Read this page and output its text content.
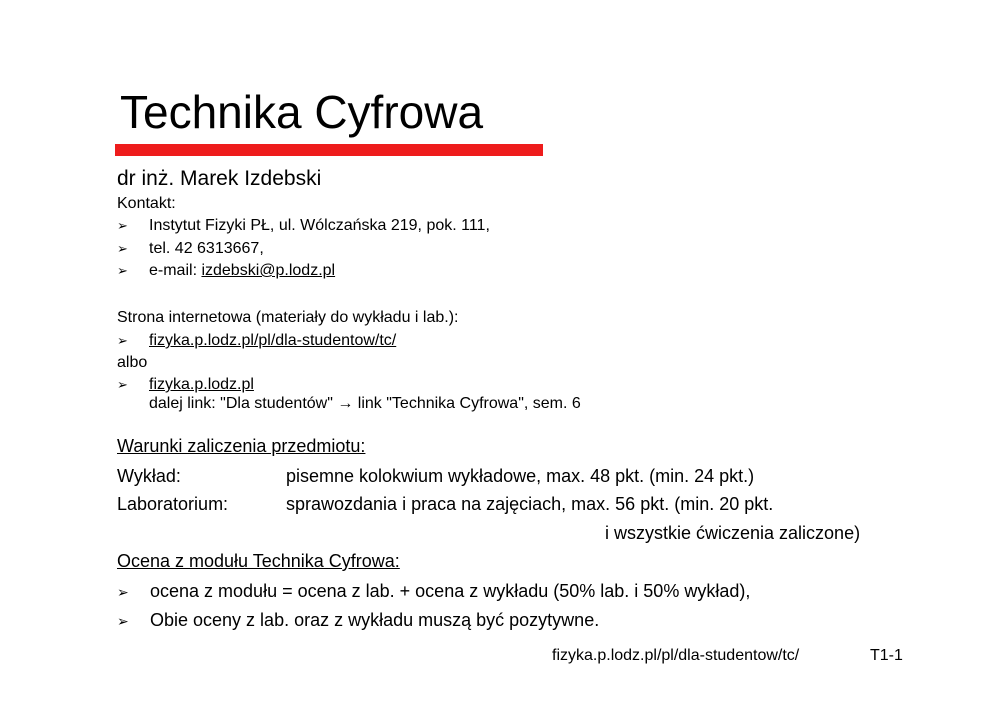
Technika Cyfrowa
dr inż. Marek Izdebski
Kontakt:
➢ Instytut Fizyki PŁ, ul. Wólczańska 219, pok. 111,
➢ tel. 42 6313667,
➢ e-mail: izdebski@p.lodz.pl
Strona internetowa (materiały do wykładu i lab.):
➢ fizyka.p.lodz.pl/pl/dla-studentow/tc/
albo
➢ fizyka.p.lodz.pl
dalej link: "Dla studentów" → link "Technika Cyfrowa", sem. 6
Warunki zaliczenia przedmiotu:
Wykład:	pisemne kolokwium wykładowe, max. 48 pkt. (min. 24 pkt.)
Laboratorium:	sprawozdania i praca na zajęciach, max. 56 pkt. (min. 20 pkt.
i wszystkie ćwiczenia zaliczone)
Ocena z modułu Technika Cyfrowa:
➢ ocena z modułu = ocena z lab. + ocena z wykładu (50% lab. i 50% wykład),
➢ Obie oceny z lab. oraz z wykładu muszą być pozytywne.
fizyka.p.lodz.pl/pl/dla-studentow/tc/	T1-1
